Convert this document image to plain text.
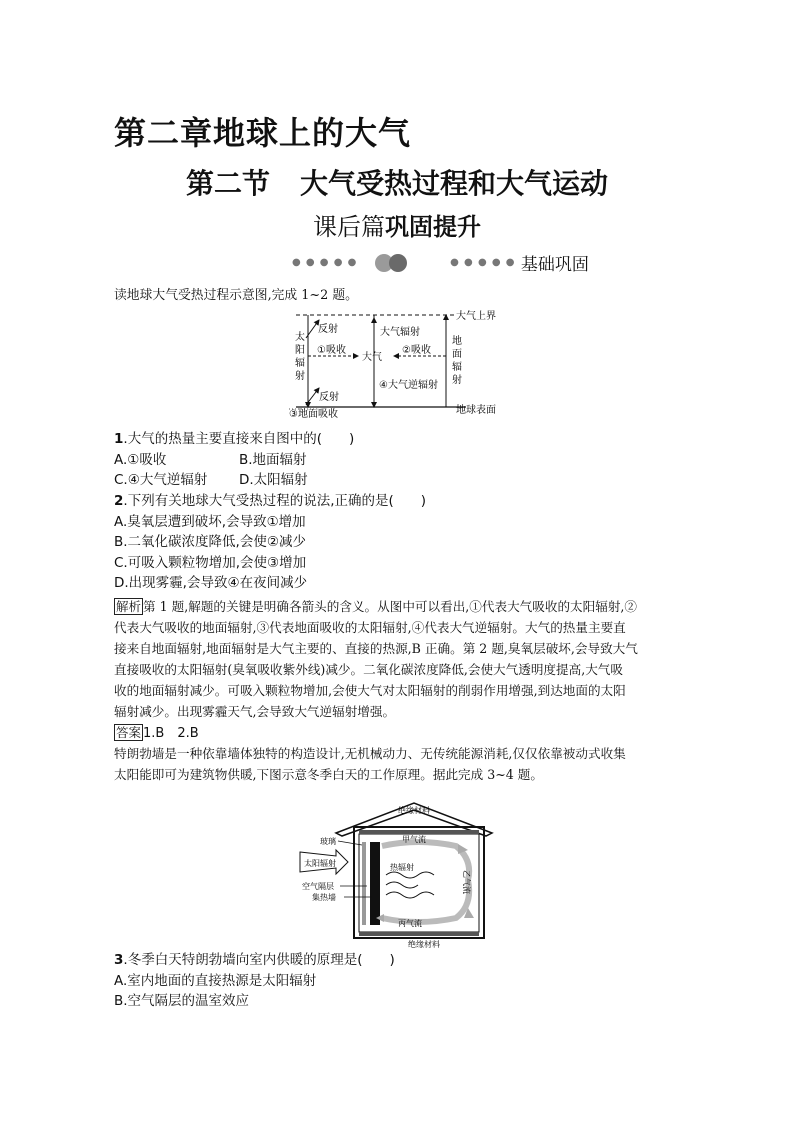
第二章地球上的大气
第二节 大气受热过程和大气运动
课后篇巩固提升
● ● ● ● ●	● ● ● ● ● 基础巩固
读地球大气受热过程示意图,完成 1~2 题。
太
阳
辐
射
地
面
辐
射
大气上界
地球表面
反射
反射
①吸收	②吸收
大气
大气辐射
④大气逆辐射
③地面吸收
1.大气的热量主要直接来自图中的(　　)
A.①吸收	B.地面辐射
C.④大气逆辐射 D.太阳辐射
2.下列有关地球大气受热过程的说法,正确的是(　　)
A.臭氧层遭到破坏,会导致①增加
B.二氧化碳浓度降低,会使②减少
C.可吸入颗粒物增加,会使③增加
D.出现雾霾,会导致④在夜间减少
解析 第 1 题,解题的关键是明确各箭头的含义。从图中可以看出,①代表大气吸收的太阳辐射,②
代表大气吸收的地面辐射,③代表地面吸收的太阳辐射,④代表大气逆辐射。大气的热量主要直
接来自地面辐射,地面辐射是大气主要的、直接的热源,B 正确。第 2 题,臭氧层破坏,会导致大气
直接吸收的太阳辐射(臭氧吸收紫外线)减少。二氧化碳浓度降低,会使大气透明度提高,大气吸
收的地面辐射减少。可吸入颗粒物增加,会使大气对太阳辐射的削弱作用增强,到达地面的太阳
辐射减少。出现雾霾天气,会导致大气逆辐射增强。
答案 1.B　2.B
特朗勃墙是一种依靠墙体独特的构造设计,无机械动力、无传统能源消耗,仅仅依靠被动式收集
太阳能即可为建筑物供暖,下图示意冬季白天的工作原理。据此完成 3~4 题。
绝缘材料
太阳辐射
玻璃
空气隔层
集热墙
甲气流
丙气流
乙气流
热辐射
绝缘材料
3.冬季白天特朗勃墙向室内供暖的原理是(　　)
A.室内地面的直接热源是太阳辐射
B.空气隔层的温室效应
